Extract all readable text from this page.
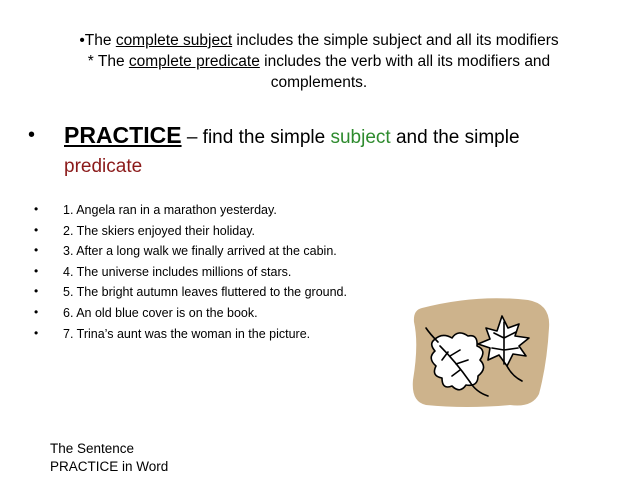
•The complete subject includes the simple subject and all its modifiers
* The complete predicate includes the verb with all its modifiers and
complements.
• PRACTICE – find the simple subject and the simple
predicate
• 1. Angela ran in a marathon yesterday.
• 2. The skiers enjoyed their holiday.
• 3. After a long walk we finally arrived at the cabin.
• 4. The universe includes millions of stars.
• 5. The bright autumn leaves fluttered to the ground.
• 6. An old blue cover is on the book.
• 7. Trina’s aunt was the woman in the picture.
The Sentence
PRACTICE in Word
